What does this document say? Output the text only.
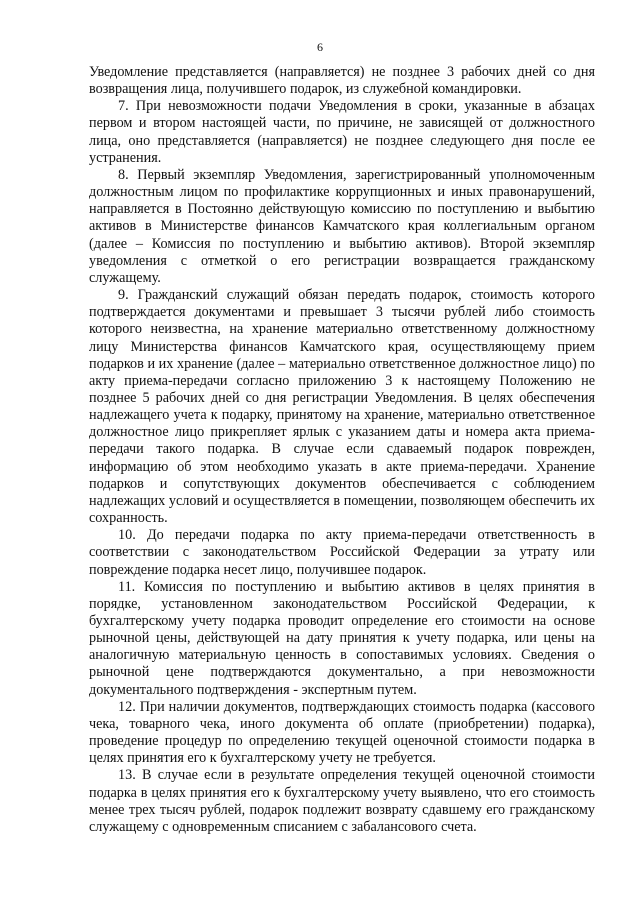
6

Уведомление представляется (направляется) не позднее 3 рабочих дней со дня возвращения лица, получившего подарок, из служебной командировки.

7. При невозможности подачи Уведомления в сроки, указанные в абзацах первом и втором настоящей части, по причине, не зависящей от должностного лица, оно представляется (направляется) не позднее следующего дня после ее устранения.

8. Первый экземпляр Уведомления, зарегистрированный уполномоченным должностным лицом по профилактике коррупционных и иных правонарушений, направляется в Постоянно действующую комиссию по поступлению и выбытию активов в Министерстве финансов Камчатского края коллегиальным органом (далее – Комиссия по поступлению и выбытию активов). Второй экземпляр уведомления с отметкой о его регистрации возвращается гражданскому служащему.

9. Гражданский служащий обязан передать подарок, стоимость которого подтверждается документами и превышает 3 тысячи рублей либо стоимость которого неизвестна, на хранение материально ответственному должностному лицу Министерства финансов Камчатского края, осуществляющему прием подарков и их хранение (далее – материально ответственное должностное лицо) по акту приема-передачи согласно приложению 3 к настоящему Положению не позднее 5 рабочих дней со дня регистрации Уведомления. В целях обеспечения надлежащего учета к подарку, принятому на хранение, материально ответственное должностное лицо прикрепляет ярлык с указанием даты и номера акта приема-передачи такого подарка. В случае если сдаваемый подарок поврежден, информацию об этом необходимо указать в акте приема-передачи. Хранение подарков и сопутствующих документов обеспечивается с соблюдением надлежащих условий и осуществляется в помещении, позволяющем обеспечить их сохранность.

10. До передачи подарка по акту приема-передачи ответственность в соответствии с законодательством Российской Федерации за утрату или повреждение подарка несет лицо, получившее подарок.

11. Комиссия по поступлению и выбытию активов в целях принятия в порядке, установленном законодательством Российской Федерации, к бухгалтерскому учету подарка проводит определение его стоимости на основе рыночной цены, действующей на дату принятия к учету подарка, или цены на аналогичную материальную ценность в сопоставимых условиях. Сведения о рыночной цене подтверждаются документально, а при невозможности документального подтверждения - экспертным путем.

12. При наличии документов, подтверждающих стоимость подарка (кассового чека, товарного чека, иного документа об оплате (приобретении) подарка), проведение процедур по определению текущей оценочной стоимости подарка в целях принятия его к бухгалтерскому учету не требуется.

13. В случае если в результате определения текущей оценочной стоимости подарка в целях принятия его к бухгалтерскому учету выявлено, что его стоимость менее трех тысяч рублей, подарок подлежит возврату сдавшему его гражданскому служащему с одновременным списанием с забалансового счета.
